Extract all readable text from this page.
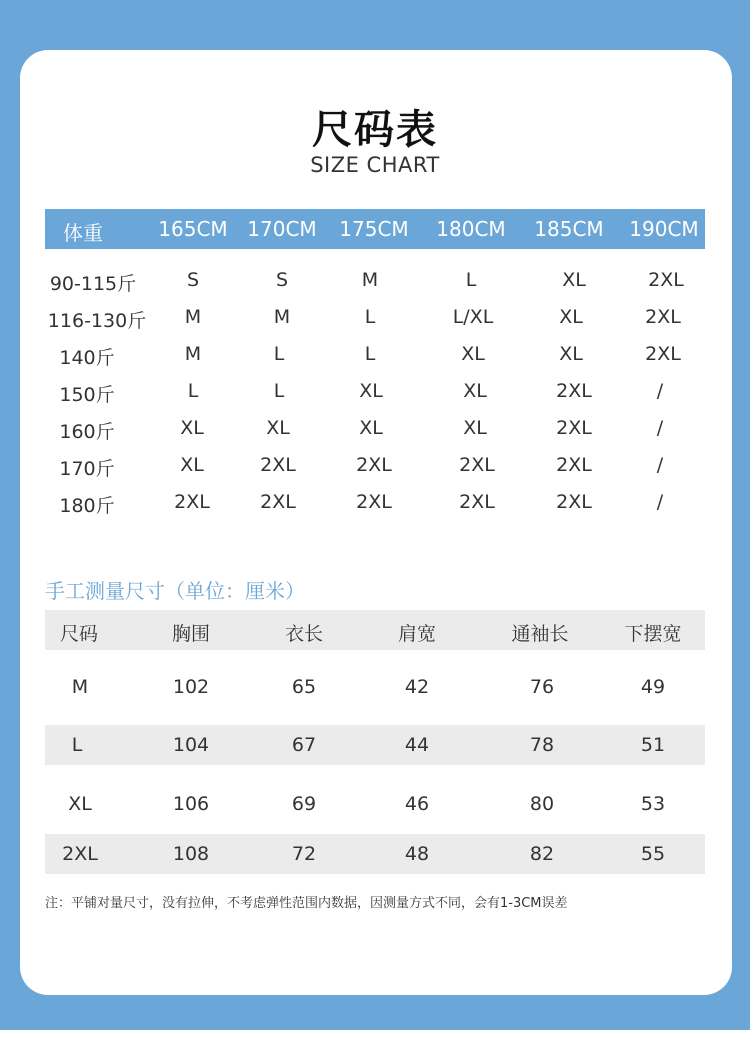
尺码表
SIZE CHART
体重	165CM 170CM 175CM 180CM 185CM 190CM
90-115斤	S	S	M	L	XL	2XL
116-130斤 M	M	L	L/XL	XL	2XL
140斤	M	L	L	XL	XL	2XL
150斤	L	L	XL	XL	2XL	/
160斤	XL	XL	XL	XL	2XL	/
170斤	XL	2XL	2XL	2XL	2XL	/
180斤	2XL	2XL	2XL	2XL	2XL	/
手工测量尺寸（单位：厘米）
尺码	胸围	衣长	肩宽	通袖长	下摆宽
M	102	65	42	76	49
L	104	67	44	78	51
XL	106	69	46	80	53
2XL	108	72	48	82	55
注：平铺对量尺寸，没有拉伸，不考虑弹性范围内数据，因测量方式不同，会有1-3CM误差
